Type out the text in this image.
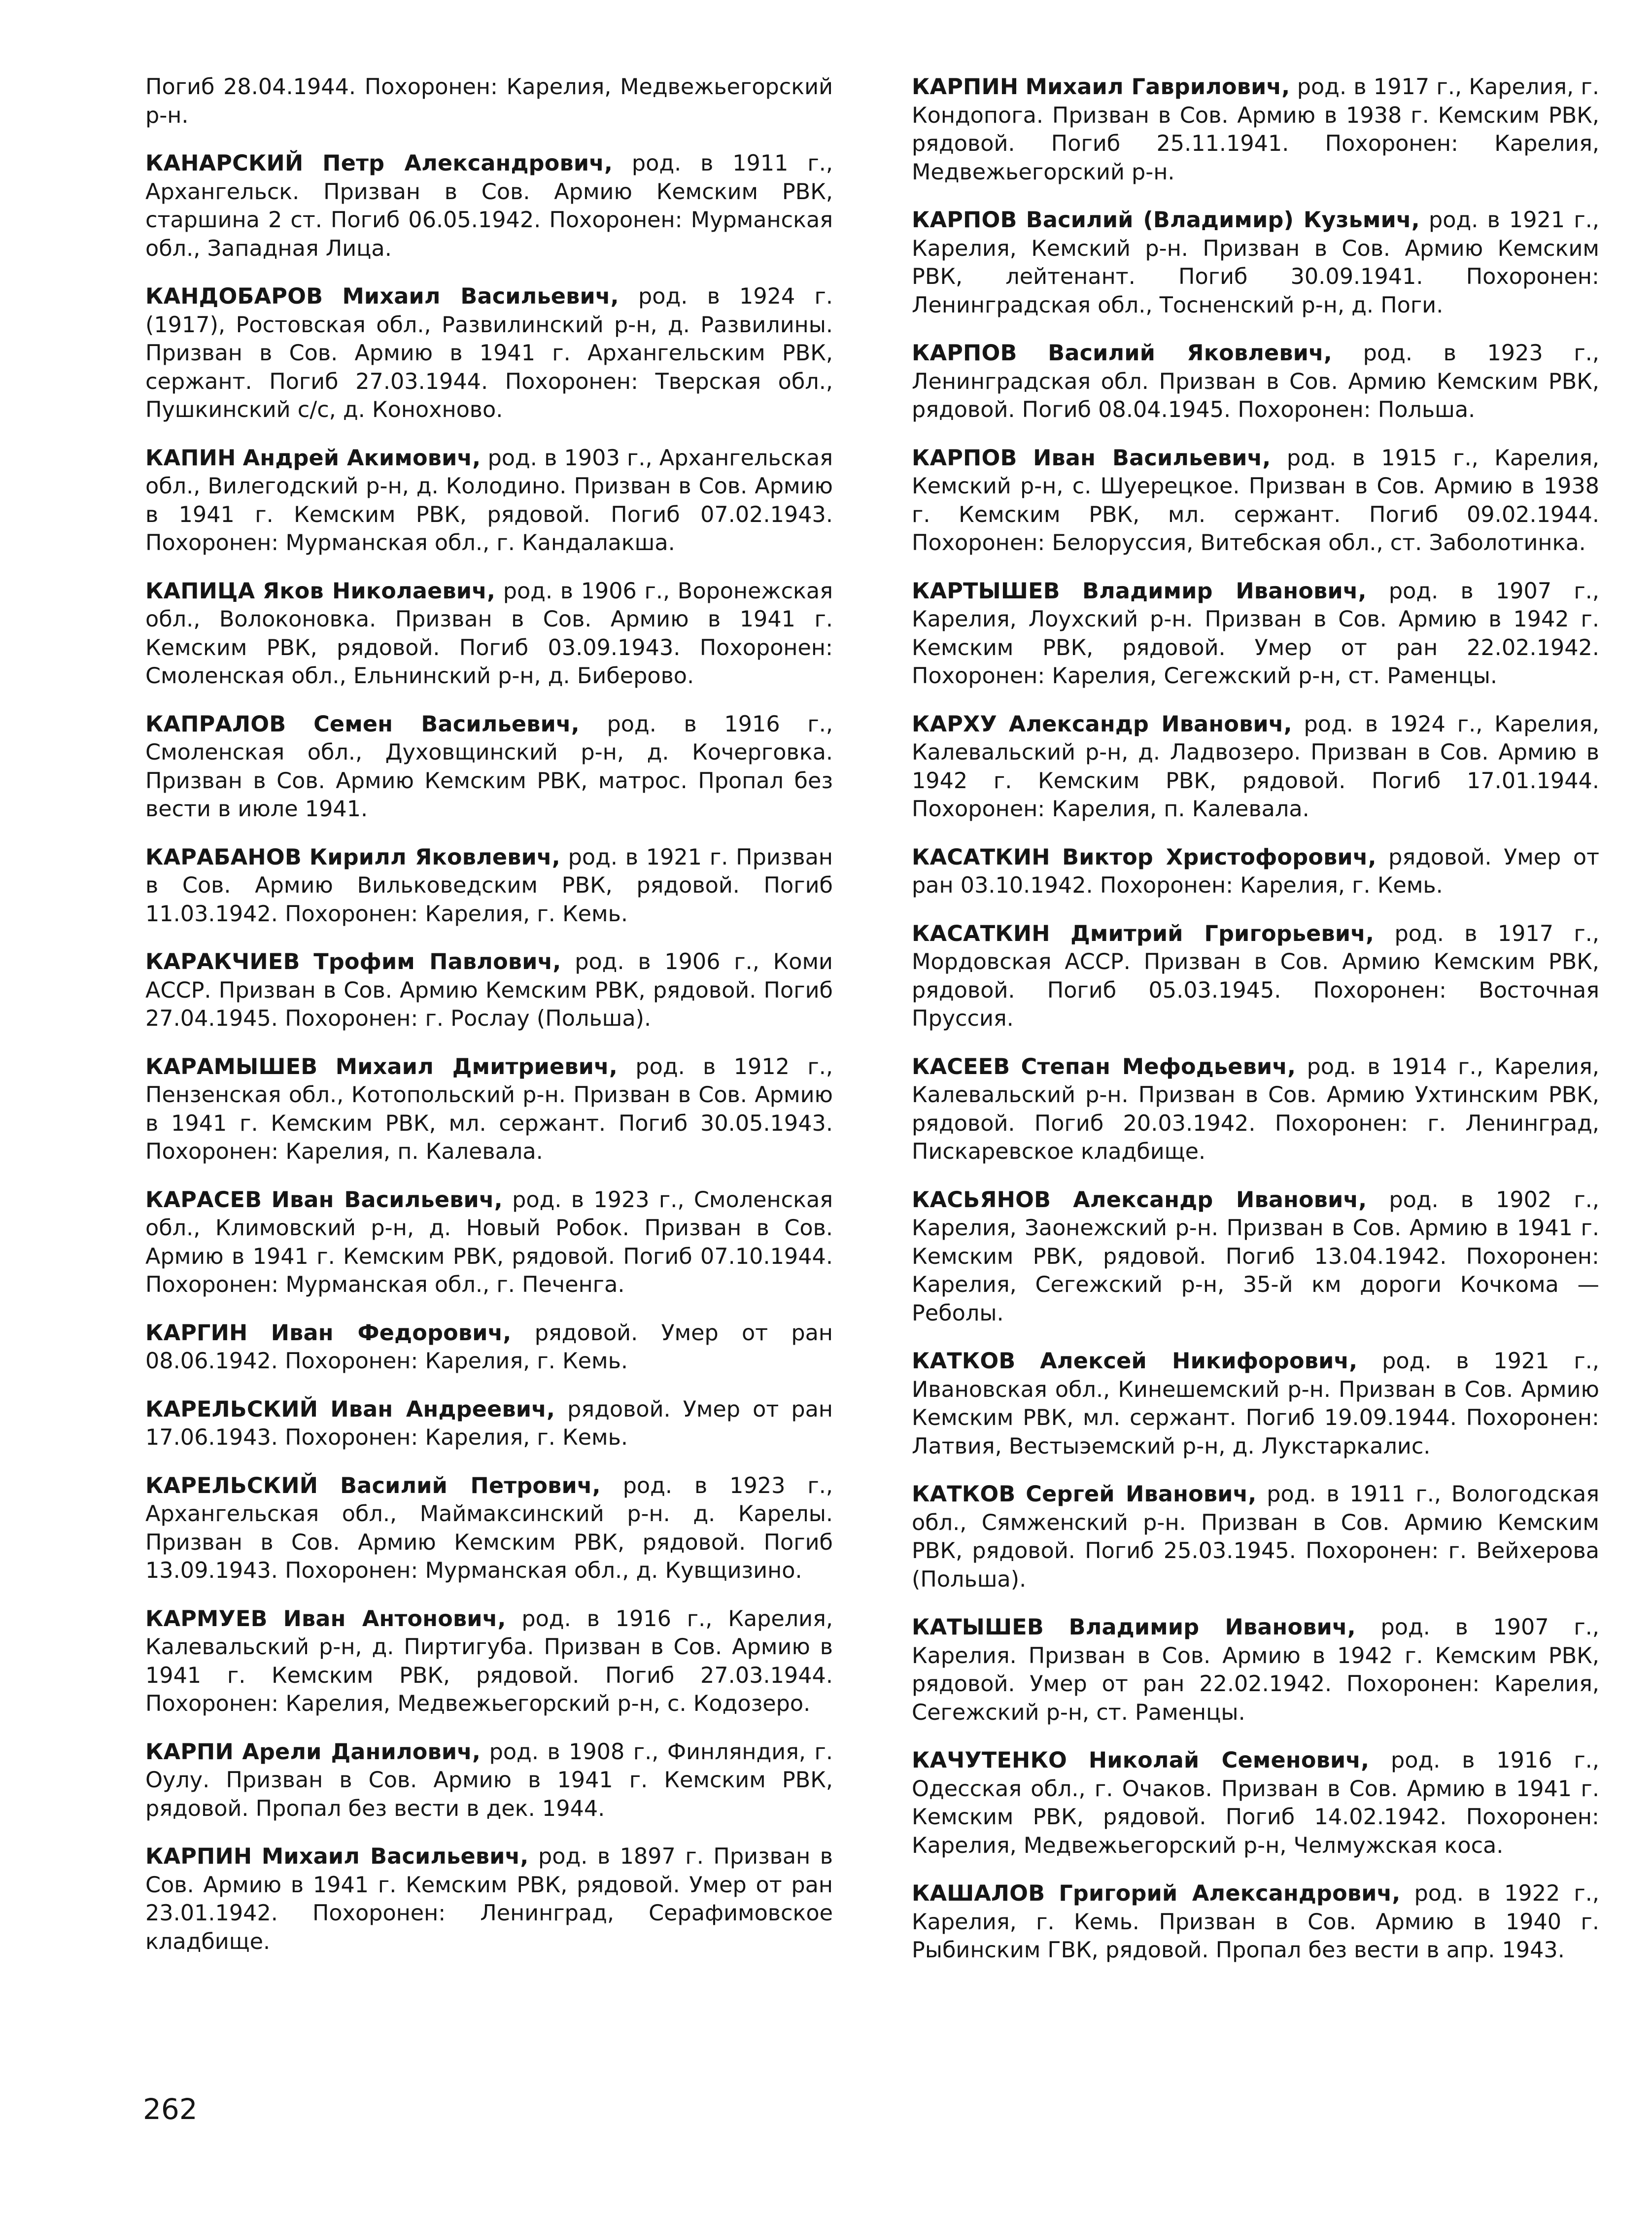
Погиб 28.04.1944. Похоронен: Карелия, Медвежьегорский р-н.

КАНАРСКИЙ Петр Александрович, род. в 1911 г., Архангельск. Призван в Сов. Армию Кемским РВК, старшина 2 ст. Погиб 06.05.1942. Похоронен: Мурманская обл., Западная Лица.

КАНДОБАРОВ Михаил Васильевич, род. в 1924 г. (1917), Ростовская обл., Развилинский р-н, д. Развилины. Призван в Сов. Армию в 1941 г. Архангельским РВК, сержант. Погиб 27.03.1944. Похоронен: Тверская обл., Пушкинский с/с, д. Конохново.

КАПИН Андрей Акимович, род. в 1903 г., Архангельская обл., Вилегодский р-н, д. Колодино. Призван в Сов. Армию в 1941 г. Кемским РВК, рядовой. Погиб 07.02.1943. Похоронен: Мурманская обл., г. Кандалакша.

КАПИЦА Яков Николаевич, род. в 1906 г., Воронежская обл., Волоконовка. Призван в Сов. Армию в 1941 г. Кемским РВК, рядовой. Погиб 03.09.1943. Похоронен: Смоленская обл., Ельнинский р-н, д. Биберово.

КАПРАЛОВ Семен Васильевич, род. в 1916 г., Смоленская обл., Духовщинский р-н, д. Кочерговка. Призван в Сов. Армию Кемским РВК, матрос. Пропал без вести в июле 1941.

КАРАБАНОВ Кирилл Яковлевич, род. в 1921 г. Призван в Сов. Армию Вильковедским РВК, рядовой. Погиб 11.03.1942. Похоронен: Карелия, г. Кемь.

КАРАКЧИЕВ Трофим Павлович, род. в 1906 г., Коми АССР. Призван в Сов. Армию Кемским РВК, рядовой. Погиб 27.04.1945. Похоронен: г. Рослау (Польша).

КАРАМЫШЕВ Михаил Дмитриевич, род. в 1912 г., Пензенская обл., Котопольский р-н. Призван в Сов. Армию в 1941 г. Кемским РВК, мл. сержант. Погиб 30.05.1943. Похоронен: Карелия, п. Калевала.

КАРАСЕВ Иван Васильевич, род. в 1923 г., Смоленская обл., Климовский р-н, д. Новый Робок. Призван в Сов. Армию в 1941 г. Кемским РВК, рядовой. Погиб 07.10.1944. Похоронен: Мурманская обл., г. Печенга.

КАРГИН Иван Федорович, рядовой. Умер от ран 08.06.1942. Похоронен: Карелия, г. Кемь.

КАРЕЛЬСКИЙ Иван Андреевич, рядовой. Умер от ран 17.06.1943. Похоронен: Карелия, г. Кемь.

КАРЕЛЬСКИЙ Василий Петрович, род. в 1923 г., Архангельская обл., Маймаксинский р-н. д. Карелы. Призван в Сов. Армию Кемским РВК, рядовой. Погиб 13.09.1943. Похоронен: Мурманская обл., д. Кувщизино.

КАРМУЕВ Иван Антонович, род. в 1916 г., Карелия, Калевальский р-н, д. Пиртигуба. Призван в Сов. Армию в 1941 г. Кемским РВК, рядовой. Погиб 27.03.1944. Похоронен: Карелия, Медвежьегорский р-н, с. Кодозеро.

КАРПИ Арели Данилович, род. в 1908 г., Финляндия, г. Оулу. Призван в Сов. Армию в 1941 г. Кемским РВК, рядовой. Пропал без вести в дек. 1944.

КАРПИН Михаил Васильевич, род. в 1897 г. Призван в Сов. Армию в 1941 г. Кемским РВК, рядовой. Умер от ран 23.01.1942. Похоронен: Ленинград, Серафимовское кладбище.

КАРПИН Михаил Гаврилович, род. в 1917 г., Карелия, г. Кондопога. Призван в Сов. Армию в 1938 г. Кемским РВК, рядовой. Погиб 25.11.1941. Похоронен: Карелия, Медвежьегорский р-н.

КАРПОВ Василий (Владимир) Кузьмич, род. в 1921 г., Карелия, Кемский р-н. Призван в Сов. Армию Кемским РВК, лейтенант. Погиб 30.09.1941. Похоронен: Ленинградская обл., Тосненский р-н, д. Поги.

КАРПОВ Василий Яковлевич, род. в 1923 г., Ленинградская обл. Призван в Сов. Армию Кемским РВК, рядовой. Погиб 08.04.1945. Похоронен: Польша.

КАРПОВ Иван Васильевич, род. в 1915 г., Карелия, Кемский р-н, с. Шуерецкое. Призван в Сов. Армию в 1938 г. Кемским РВК, мл. сержант. Погиб 09.02.1944. Похоронен: Белоруссия, Витебская обл., ст. Заболотинка.

КАРТЫШЕВ Владимир Иванович, род. в 1907 г., Карелия, Лоухский р-н. Призван в Сов. Армию в 1942 г. Кемским РВК, рядовой. Умер от ран 22.02.1942. Похоронен: Карелия, Сегежский р-н, ст. Раменцы.

КАРХУ Александр Иванович, род. в 1924 г., Карелия, Калевальский р-н, д. Ладвозеро. Призван в Сов. Армию в 1942 г. Кемским РВК, рядовой. Погиб 17.01.1944. Похоронен: Карелия, п. Калевала.

КАСАТКИН Виктор Христофорович, рядовой. Умер от ран 03.10.1942. Похоронен: Карелия, г. Кемь.

КАСАТКИН Дмитрий Григорьевич, род. в 1917 г., Мордовская АССР. Призван в Сов. Армию Кемским РВК, рядовой. Погиб 05.03.1945. Похоронен: Восточная Пруссия.

КАСЕЕВ Степан Мефодьевич, род. в 1914 г., Карелия, Калевальский р-н. Призван в Сов. Армию Ухтинским РВК, рядовой. Погиб 20.03.1942. Похоронен: г. Ленинград, Пискаревское кладбище.

КАСЬЯНОВ Александр Иванович, род. в 1902 г., Карелия, Заонежский р-н. Призван в Сов. Армию в 1941 г. Кемским РВК, рядовой. Погиб 13.04.1942. Похоронен: Карелия, Сегежский р-н, 35-й км дороги Кочкома — Реболы.

КАТКОВ Алексей Никифорович, род. в 1921 г., Ивановская обл., Кинешемский р-н. Призван в Сов. Армию Кемским РВК, мл. сержант. Погиб 19.09.1944. Похоронен: Латвия, Вестыэемский р-н, д. Лукстаркалис.

КАТКОВ Сергей Иванович, род. в 1911 г., Вологодская обл., Сямженский р-н. Призван в Сов. Армию Кемским РВК, рядовой. Погиб 25.03.1945. Похоронен: г. Вейхерова (Польша).

КАТЫШЕВ Владимир Иванович, род. в 1907 г., Карелия. Призван в Сов. Армию в 1942 г. Кемским РВК, рядовой. Умер от ран 22.02.1942. Похоронен: Карелия, Сегежский р-н, ст. Раменцы.

КАЧУТЕНКО Николай Семенович, род. в 1916 г., Одесская обл., г. Очаков. Призван в Сов. Армию в 1941 г. Кемским РВК, рядовой. Погиб 14.02.1942. Похоронен: Карелия, Медвежьегорский р-н, Челмужская коса.

КАШАЛОВ Григорий Александрович, род. в 1922 г., Карелия, г. Кемь. Призван в Сов. Армию в 1940 г. Рыбинским ГВК, рядовой. Пропал без вести в апр. 1943.

262
